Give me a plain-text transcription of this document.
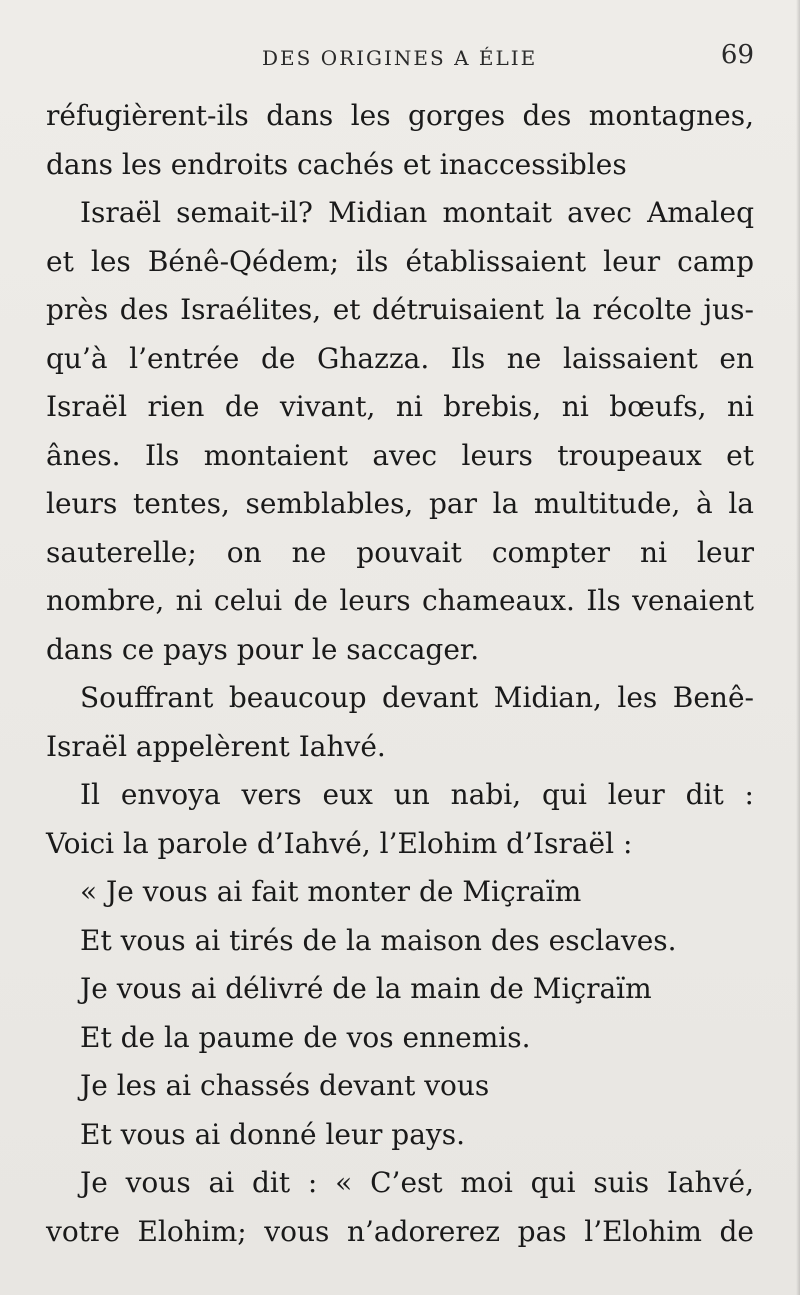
DES ORIGINES A ÉLIE	69
réfugièrent-ils dans les gorges des montagnes,
dans les endroits cachés et inaccessibles
Israël semait-il? Midian montait avec Amaleq
et les Bénê-Qédem; ils établissaient leur camp
près des Israélites, et détruisaient la récolte jus-
qu’à l’entrée de Ghazza. Ils ne laissaient en
Israël rien de vivant, ni brebis, ni bœufs, ni
ânes. Ils montaient avec leurs troupeaux et
leurs tentes, semblables, par la multitude, à la
sauterelle; on ne pouvait compter ni leur
nombre, ni celui de leurs chameaux. Ils venaient
dans ce pays pour le saccager.
Souffrant beaucoup devant Midian, les Benê-
Israël appelèrent Iahvé.
Il envoya vers eux un nabi, qui leur dit :
Voici la parole d’Iahvé, l’Elohim d’Israël :
« Je vous ai fait monter de Miçraïm
Et vous ai tirés de la maison des esclaves.
Je vous ai délivré de la main de Miçraïm
Et de la paume de vos ennemis.
Je les ai chassés devant vous
Et vous ai donné leur pays.
Je vous ai dit : « C’est moi qui suis Iahvé,
votre Elohim; vous n’adorerez pas l’Elohim de
